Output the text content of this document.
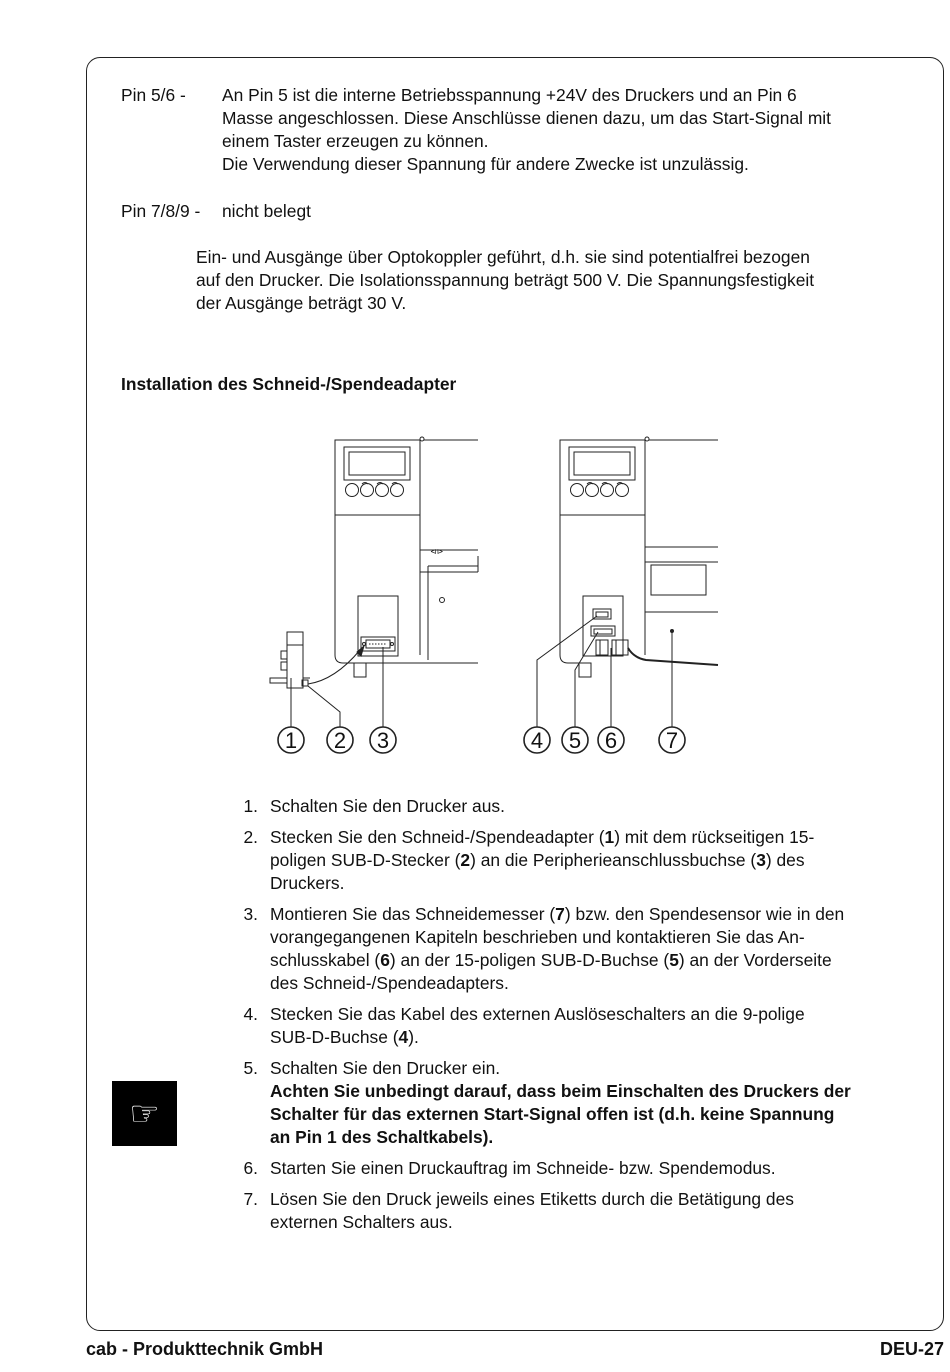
Pin 5/6 - An Pin 5 ist die interne Betriebsspannung +24V des Druckers und an Pin 6
Masse angeschlossen. Diese Anschlüsse dienen dazu, um das Start-Signal mit
einem Taster erzeugen zu können.
Die Verwendung dieser Spannung für andere Zwecke ist unzulässig.
Pin 7/8/9 - nicht belegt
Ein- und Ausgänge über Optokoppler geführt, d.h. sie sind potentialfrei bezogen
auf den Drucker. Die Isolationsspannung beträgt 500 V. Die Spannungsfestigkeit
der Ausgänge beträgt 30 V.
Installation des Schneid-/Spendeadapter
⊲⊳
1 2 3	4 5 6 7
1. Schalten Sie den Drucker aus.
2. Stecken Sie den Schneid-/Spendeadapter (1) mit dem rückseitigen 15-
poligen SUB-D-Stecker (2) an die Peripherieanschlussbuchse (3) des
Druckers.
3. Montieren Sie das Schneidemesser (7) bzw. den Spendesensor wie in den
vorangegangenen Kapiteln beschrieben und kontaktieren Sie das An-
schlusskabel (6) an der 15-poligen SUB-D-Buchse (5) an der Vorderseite
des Schneid-/Spendeadapters.
4. Stecken Sie das Kabel des externen Auslöseschalters an die 9-polige
SUB-D-Buchse (4).
5. Schalten Sie den Drucker ein.
Achten Sie unbedingt darauf, dass beim Einschalten des Druckers der
Schalter für das externen Start-Signal offen ist (d.h. keine Spannung
an Pin 1 des Schaltkabels).
6. Starten Sie einen Druckauftrag im Schneide- bzw. Spendemodus.
7. Lösen Sie den Druck jeweils eines Etiketts durch die Betätigung des
externen Schalters aus.
☞
cab - Produkttechnik GmbH	DEU-27
